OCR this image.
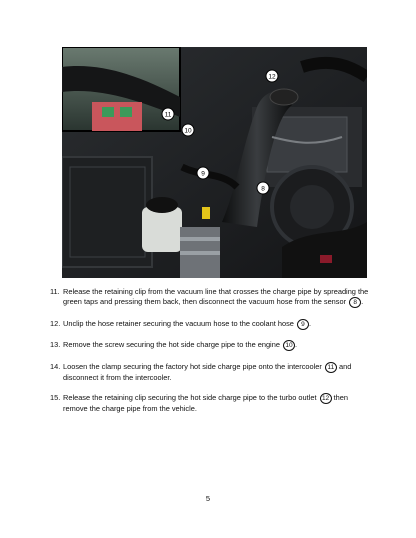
12
11
10
9
8
11. Release the retaining clip from the vacuum line that crosses the charge pipe by spreading the green taps and pressing them back, then disconnect the vacuum hose from the sensor 8 .
12. Unclip the hose retainer securing the vacuum hose to the coolant hose 9 .
13. Remove the screw securing the hot side charge pipe to the engine 10 .
14. Loosen the clamp securing the factory hot side charge pipe onto the intercooler 11 and disconnect it from the intercooler.
15. Release the retaining clip securing the hot side charge pipe to the turbo outlet 12 then remove the charge pipe from the vehicle.
5
